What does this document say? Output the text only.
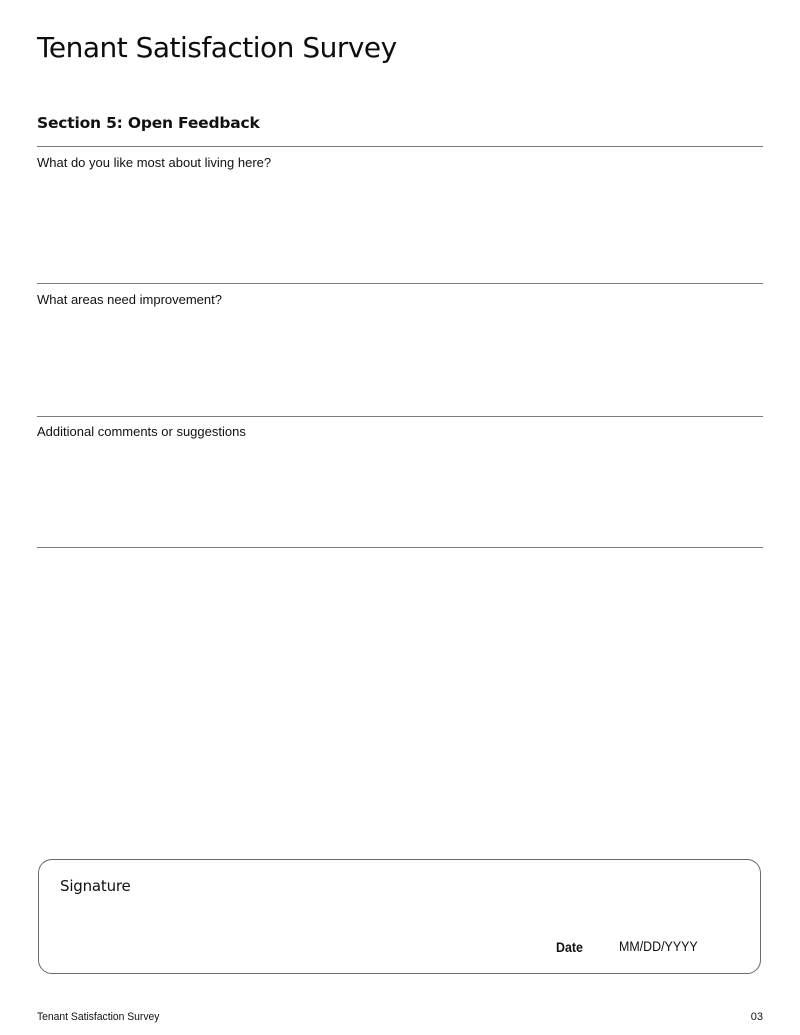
Tenant Satisfaction Survey
Section 5: Open Feedback
What do you like most about living here?
What areas need improvement?
Additional comments or suggestions
Signature
Date	MM/DD/YYYY
Tenant Satisfaction Survey	03
